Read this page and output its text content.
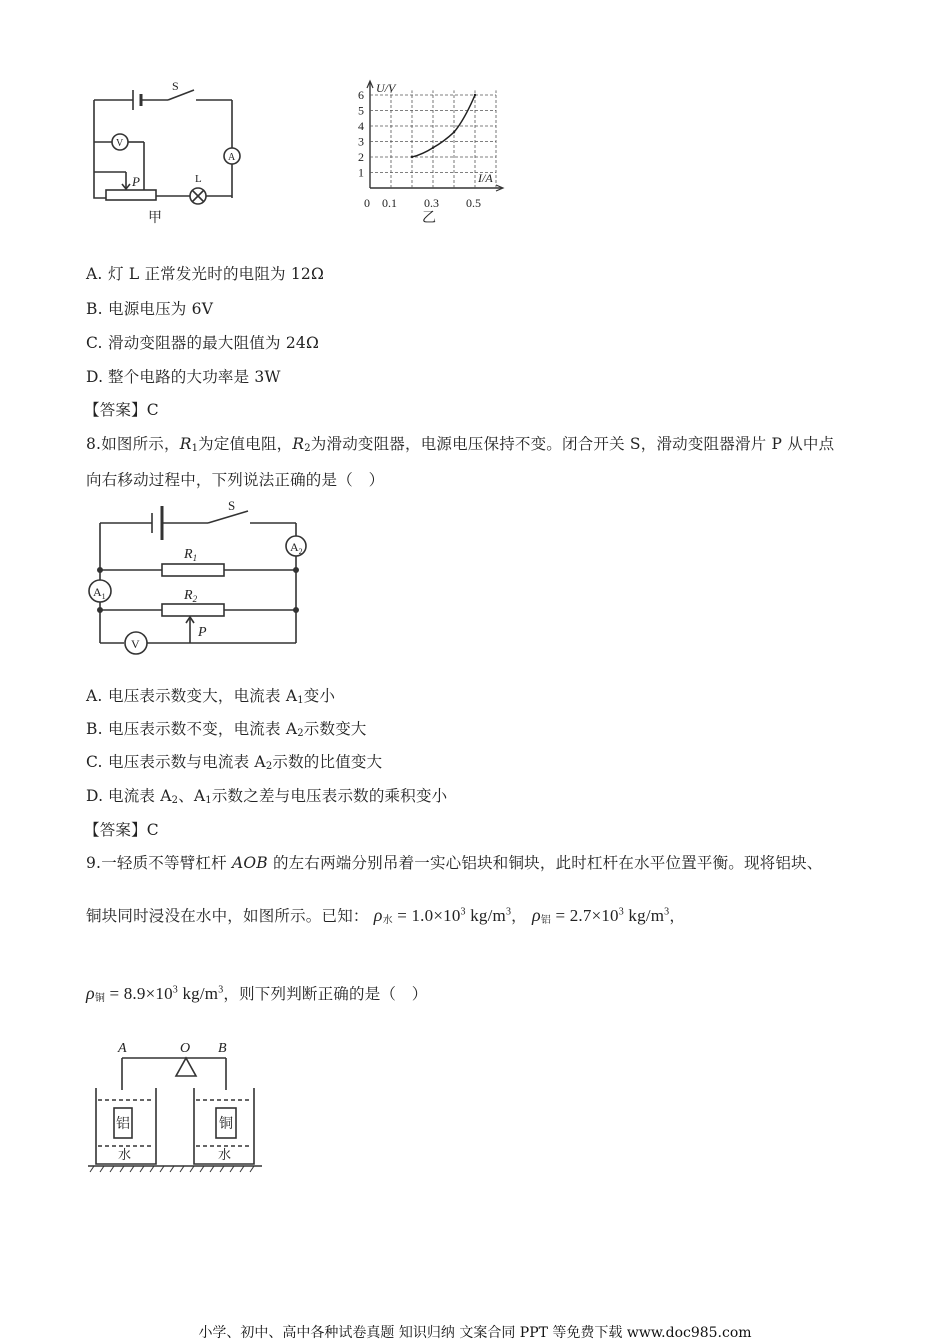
S
V
A
P	L
甲
U/V
I/A
乙
1
2
3
4
5
6
0 0.1 0.3 0.5
A. 灯 L 正常发光时的电阻为 12Ω
B. 电源电压为 6V
C. 滑动变阻器的最大阻值为 24Ω
D. 整个电路的大功率是 3W
【答案】C
8.如图所示，$R_1$为定值电阻，$R_2$为滑动变阻器，电源电压保持不变。闭合开关 S，滑动变阻器滑片 P 从中点
向右移动过程中，下列说法正确的是（　）
S
$A_2$
$A_1$
$R_1$
$R_2$
V
P
A. 电压表示数变大，电流表 $A_1$变小
B. 电压表示数不变，电流表 $A_2$示数变大
C. 电压表示数与电流表 $A_2$示数的比值变大
D. 电流表 $A_2$、$A_1$示数之差与电压表示数的乘积变小
【答案】C
9.一轻质不等臂杠杆 AOB 的左右两端分别吊着一实心铝块和铜块，此时杠杆在水平位置平衡。现将铝块、
铜块同时浸没在水中，如图所示。已知： $\rho_水 = 1.0\times 10^3$ $kg/m^3$， $\rho_铝 = 2.7\times 10^3$ $kg/m^3$，
$\rho_铜 = 8.9\times 10^3$ $kg/m^3$，则下列判断正确的是（　）
A	O B
铝	铜
水	水
小学、初中、高中各种试卷真题 知识归纳 文案合同 PPT 等免费下载 www.doc985.com
